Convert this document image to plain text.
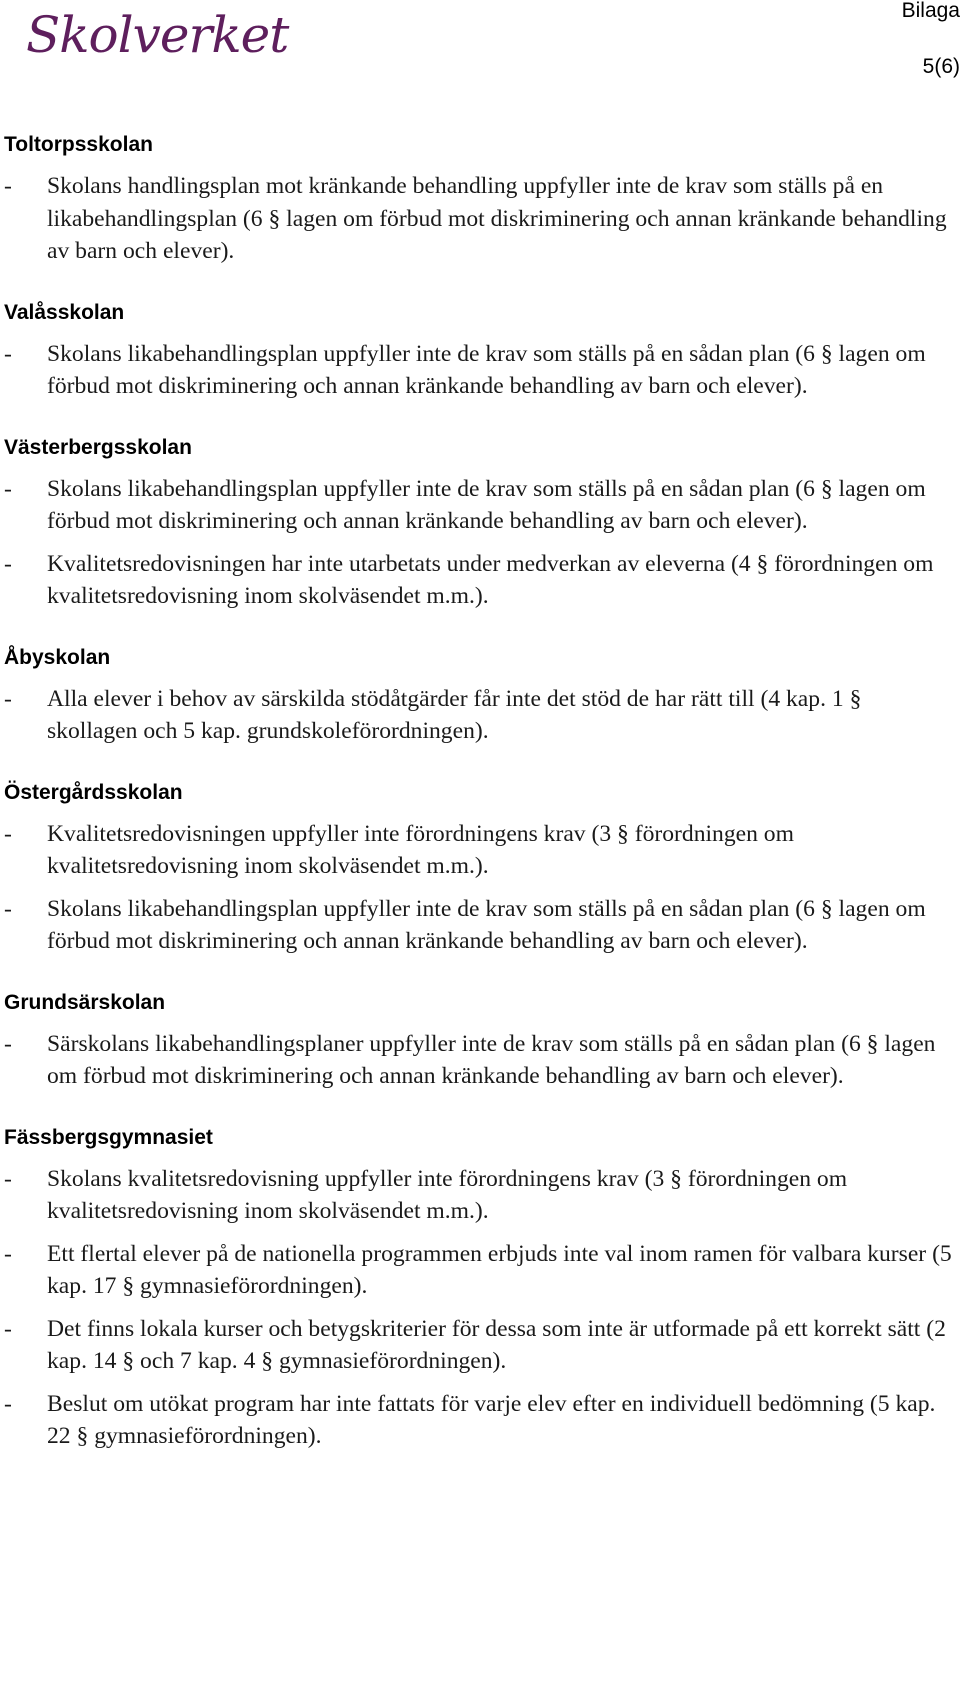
Skolverket	Bilaga
5(6)
Toltorpsskolan
- Skolans handlingsplan mot kränkande behandling uppfyller inte de krav som ställs på en likabehandlingsplan (6 § lagen om förbud mot diskriminering och annan kränkande behandling av barn och elever).
Valåsskolan
- Skolans likabehandlingsplan uppfyller inte de krav som ställs på en sådan plan (6 § lagen om förbud mot diskriminering och annan kränkande behandling av barn och elever).
Västerbergsskolan
- Skolans likabehandlingsplan uppfyller inte de krav som ställs på en sådan plan (6 § lagen om förbud mot diskriminering och annan kränkande behandling av barn och elever).
- Kvalitetsredovisningen har inte utarbetats under medverkan av eleverna (4 § förordningen om kvalitetsredovisning inom skolväsendet m.m.).
Åbyskolan
- Alla elever i behov av särskilda stödåtgärder får inte det stöd de har rätt till (4 kap. 1 § skollagen och 5 kap. grundskoleförordningen).
Östergårdsskolan
- Kvalitetsredovisningen uppfyller inte förordningens krav (3 § förordningen om kvalitetsredovisning inom skolväsendet m.m.).
- Skolans likabehandlingsplan uppfyller inte de krav som ställs på en sådan plan (6 § lagen om förbud mot diskriminering och annan kränkande behandling av barn och elever).
Grundsärskolan
- Särskolans likabehandlingsplaner uppfyller inte de krav som ställs på en sådan plan (6 § lagen om förbud mot diskriminering och annan kränkande behandling av barn och elever).
Fässbergsgymnasiet
- Skolans kvalitetsredovisning uppfyller inte förordningens krav (3 § förordningen om kvalitetsredovisning inom skolväsendet m.m.).
- Ett flertal elever på de nationella programmen erbjuds inte val inom ramen för valbara kurser (5 kap. 17 § gymnasieförordningen).
- Det finns lokala kurser och betygskriterier för dessa som inte är utformade på ett korrekt sätt (2 kap. 14 § och 7 kap. 4 § gymnasieförordningen).
- Beslut om utökat program har inte fattats för varje elev efter en individuell bedömning (5 kap. 22 § gymnasieförordningen).
